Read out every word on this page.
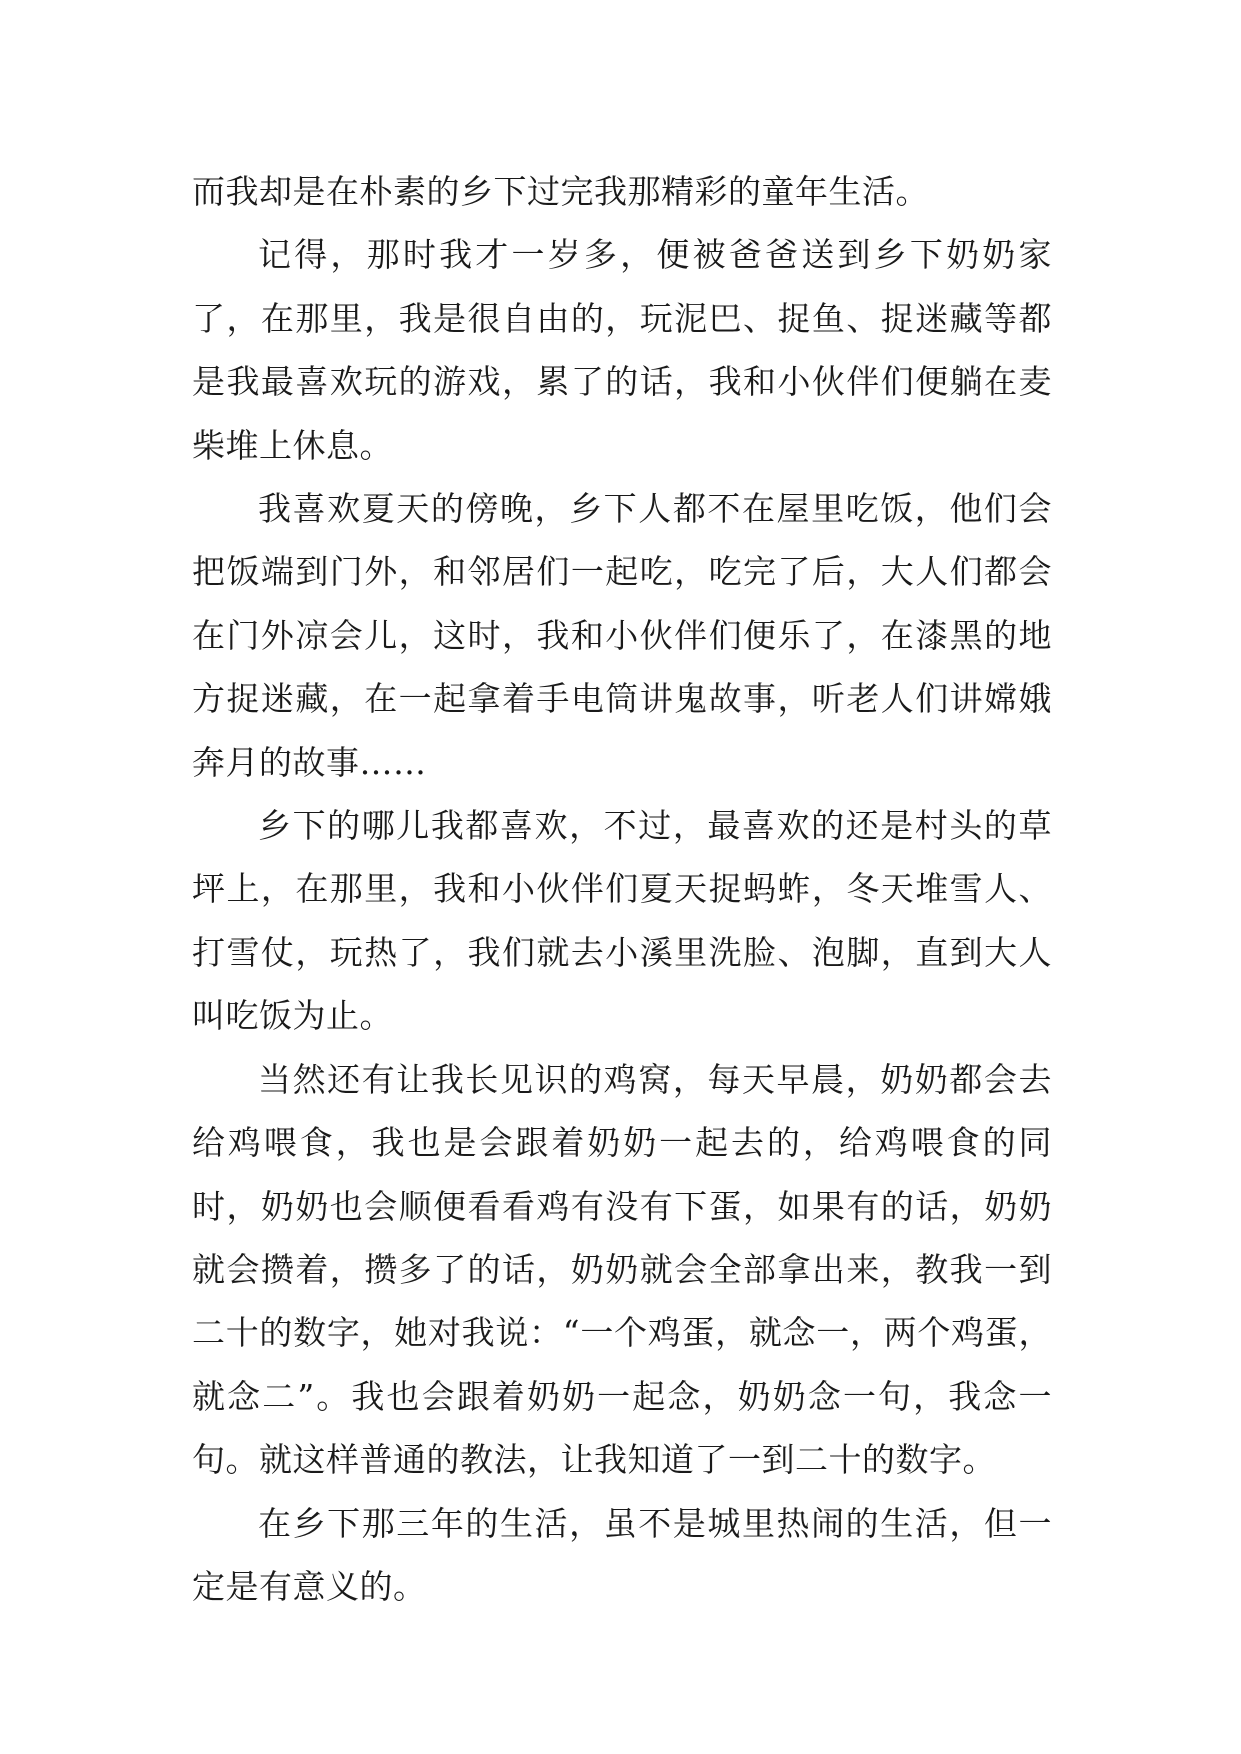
而我却是在朴素的乡下过完我那精彩的童年生活。

记得，那时我才一岁多，便被爸爸送到乡下奶奶家了，在那里，我是很自由的，玩泥巴、捉鱼、捉迷藏等都是我最喜欢玩的游戏，累了的话，我和小伙伴们便躺在麦柴堆上休息。

我喜欢夏天的傍晚，乡下人都不在屋里吃饭，他们会把饭端到门外，和邻居们一起吃，吃完了后，大人们都会在门外凉会儿，这时，我和小伙伴们便乐了，在漆黑的地方捉迷藏，在一起拿着手电筒讲鬼故事，听老人们讲嫦娥奔月的故事……

乡下的哪儿我都喜欢，不过，最喜欢的还是村头的草坪上，在那里，我和小伙伴们夏天捉蚂蚱，冬天堆雪人、打雪仗，玩热了，我们就去小溪里洗脸、泡脚，直到大人叫吃饭为止。

当然还有让我长见识的鸡窝，每天早晨，奶奶都会去给鸡喂食，我也是会跟着奶奶一起去的，给鸡喂食的同时，奶奶也会顺便看看鸡有没有下蛋，如果有的话，奶奶就会攒着，攒多了的话，奶奶就会全部拿出来，教我一到二十的数字，她对我说：“一个鸡蛋，就念一，两个鸡蛋，就念二”。我也会跟着奶奶一起念，奶奶念一句，我念一句。就这样普通的教法，让我知道了一到二十的数字。

在乡下那三年的生活，虽不是城里热闹的生活，但一定是有意义的。
